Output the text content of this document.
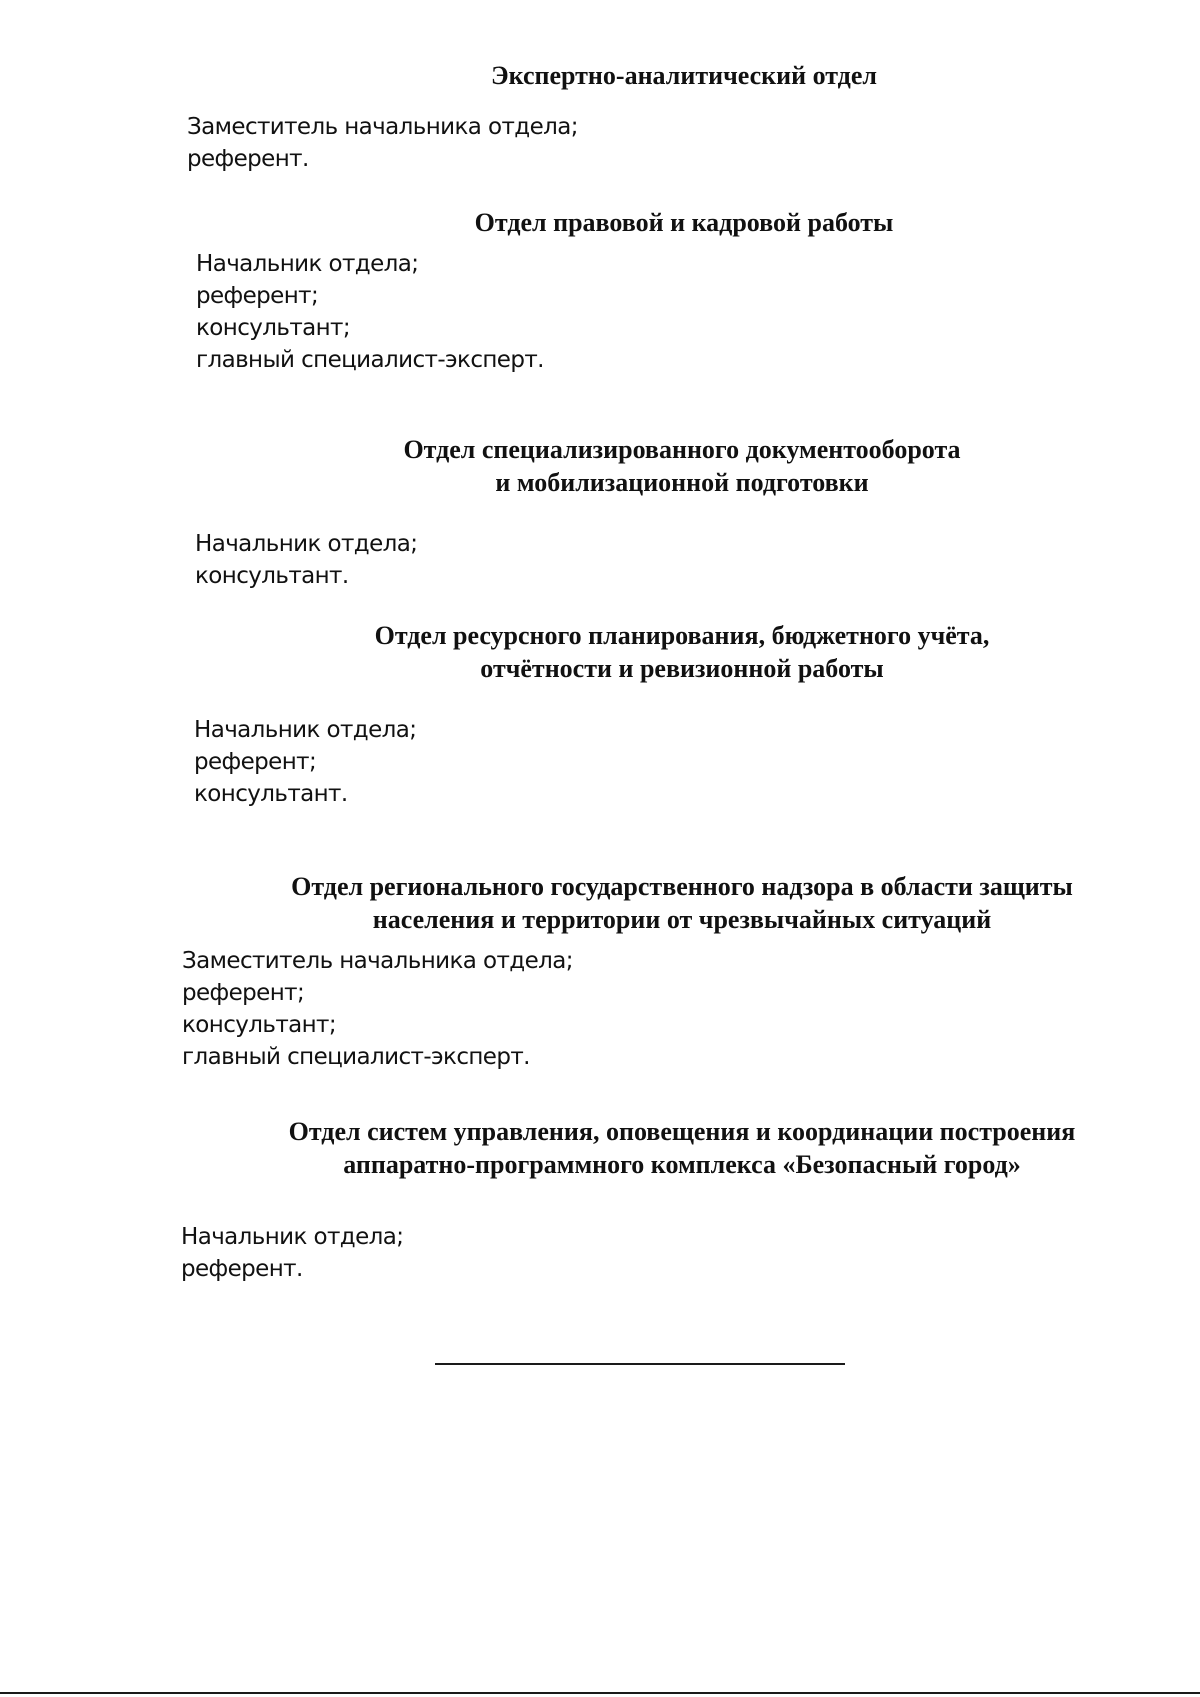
Экспертно-аналитический отдел
Заместитель начальника отдела;
референт.
Отдел правовой и кадровой работы
Начальник отдела;
референт;
консультант;
главный специалист-эксперт.
Отдел специализированного документооборота
и мобилизационной подготовки
Начальник отдела;
консультант.
Отдел ресурсного планирования, бюджетного учёта,
отчётности и ревизионной работы
Начальник отдела;
референт;
консультант.
Отдел регионального государственного надзора в области защиты
населения и территории от чрезвычайных ситуаций
Заместитель начальника отдела;
референт;
консультант;
главный специалист-эксперт.
Отдел систем управления, оповещения и координации построения
аппаратно-программного комплекса «Безопасный город»
Начальник отдела;
референт.
